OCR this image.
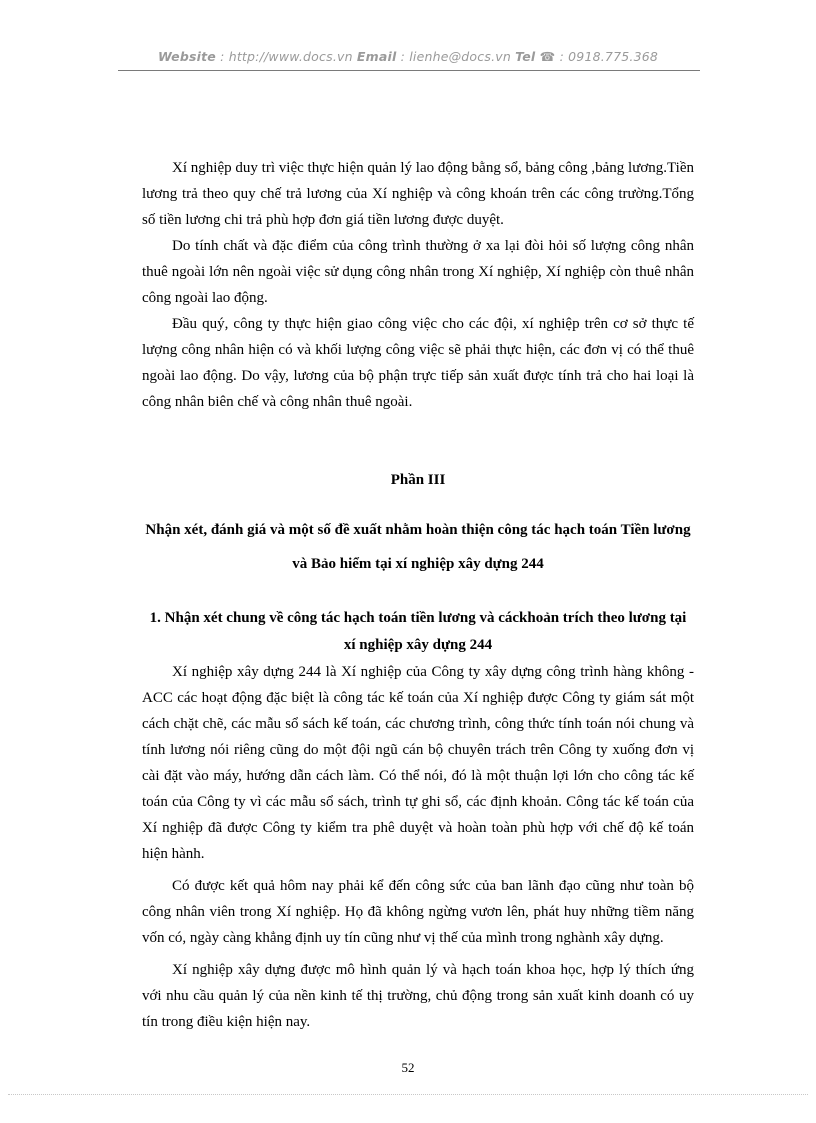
Website : http://www.docs.vn Email : lienhe@docs.vn Tel ☎ : 0918.775.368

Xí nghiệp duy trì việc thực hiện quản lý lao động bằng sổ, bảng công ,bảng lương.Tiền lương trả theo quy chế trả lương của Xí nghiệp và công khoán trên các công trường.Tổng số tiền lương chi trả phù hợp đơn giá tiền lương được duyệt.

Do tính chất và đặc điểm của công trình thường ở xa lại đòi hỏi số lượng công nhân thuê ngoài lớn nên ngoài việc sử dụng công nhân trong Xí nghiệp, Xí nghiệp còn thuê nhân công ngoài lao động.

Đầu quý, công ty thực hiện giao công việc cho các đội, xí nghiệp trên cơ sở thực tế lượng công nhân hiện có và khối lượng công việc sẽ phải thực hiện, các đơn vị có thể thuê ngoài lao động. Do vậy, lương của bộ phận trực tiếp sản xuất được tính trả cho hai loại là công nhân biên chế và công nhân thuê ngoài.

Phần III
Nhận xét, đánh giá và một số đề xuất nhằm hoàn thiện công tác hạch toán Tiền lương và Bảo hiểm tại xí nghiệp xây dựng 244
1. Nhận xét chung về công tác hạch toán tiền lương và cáckhoản trích theo lương tại xí nghiệp xây dựng 244

Xí nghiệp xây dựng 244 là Xí nghiệp của Công ty xây dựng công trình hàng không - ACC các hoạt động đặc biệt là công tác kế toán của Xí nghiệp được Công ty giám sát một cách chặt chẽ, các mẫu sổ sách kế toán, các chương trình, công thức tính toán nói chung và tính lương nói riêng cũng do một đội ngũ cán bộ chuyên trách trên Công ty xuống đơn vị cài đặt vào máy, hướng dẫn cách làm. Có thể nói, đó là một thuận lợi lớn cho công tác kế toán của Công ty vì các mẫu sổ sách, trình tự ghi sổ, các định khoản. Công tác kế toán của Xí nghiệp đã được Công ty kiểm tra phê duyệt và hoàn toàn phù hợp với chế độ kế toán hiện hành.

Có được kết quả hôm nay phải kể đến công sức của ban lãnh đạo cũng như toàn bộ công nhân viên trong Xí nghiệp. Họ đã không ngừng vươn lên, phát huy những tiềm năng vốn có, ngày càng khẳng định uy tín cũng như vị thế của mình trong nghành xây dựng.

Xí nghiệp xây dựng được mô hình quản lý và hạch toán khoa học, hợp lý thích ứng với nhu cầu quản lý của nền kinh tế thị trường, chủ động trong sản xuất kinh doanh có uy tín trong điều kiện hiện nay.

52
